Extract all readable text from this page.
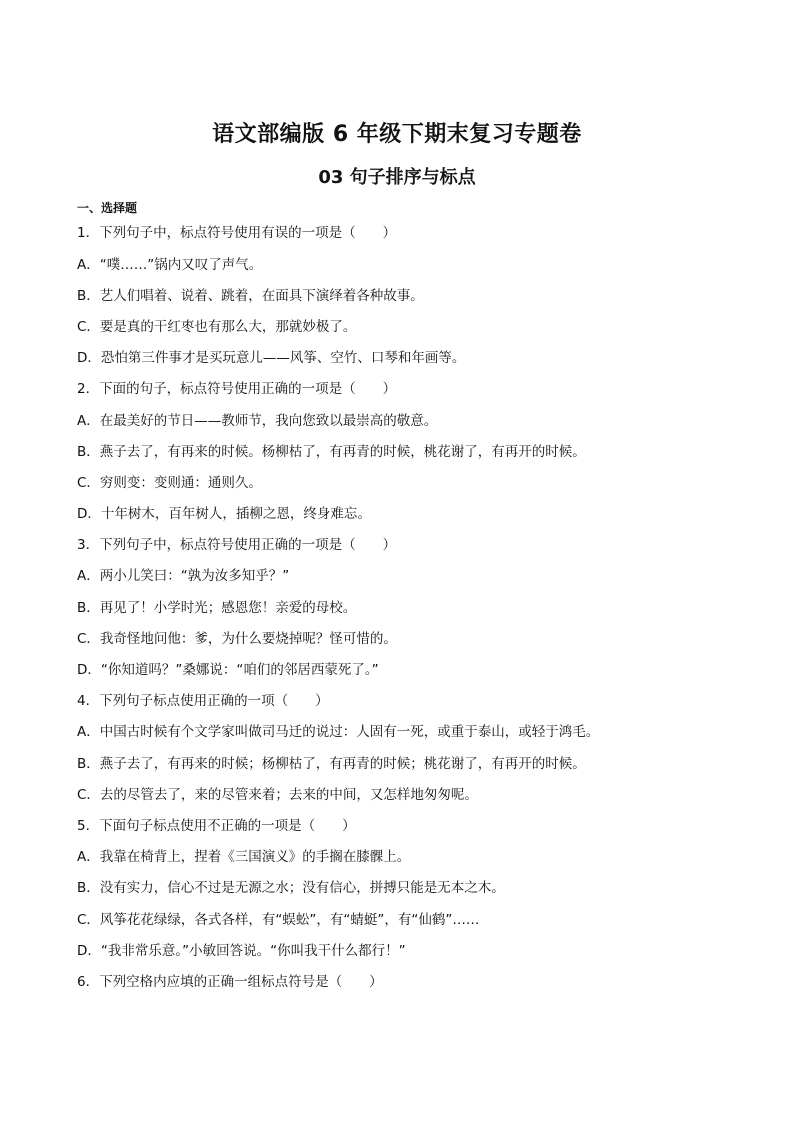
语文部编版 6 年级下期末复习专题卷
03 句子排序与标点
一、选择题
1．下列句子中，标点符号使用有误的一项是（　　）
A．“噗……”锅内又叹了声气。
B．艺人们唱着、说着、跳着，在面具下演绎着各种故事。
C．要是真的干红枣也有那么大，那就妙极了。
D．恐怕第三件事才是买玩意儿——风筝、空竹、口琴和年画等。
2．下面的句子，标点符号使用正确的一项是（　　）
A．在最美好的节日——教师节，我向您致以最崇高的敬意。
B．燕子去了，有再来的时候。杨柳枯了，有再青的时候，桃花谢了，有再开的时候。
C．穷则变：变则通：通则久。
D．十年树木，百年树人，插柳之恩，终身难忘。
3．下列句子中，标点符号使用正确的一项是（　　）
A．两小儿笑曰：“孰为汝多知乎？”
B．再见了！小学时光；感恩您！亲爱的母校。
C．我奇怪地问他：爹，为什么要烧掉呢？怪可惜的。
D．“你知道吗？”桑娜说：“咱们的邻居西蒙死了。”
4．下列句子标点使用正确的一项（　　）
A．中国古时候有个文学家叫做司马迁的说过：人固有一死，或重于泰山，或轻于鸿毛。
B．燕子去了，有再来的时候；杨柳枯了，有再青的时候；桃花谢了，有再开的时候。
C．去的尽管去了，来的尽管来着；去来的中间，又怎样地匆匆呢。
5．下面句子标点使用不正确的一项是（　　）
A．我靠在椅背上，捏着《三国演义》的手搁在膝髁上。
B．没有实力，信心不过是无源之水；没有信心，拼搏只能是无本之木。
C．风筝花花绿绿，各式各样，有“蜈蚣”，有“蜻蜓”，有“仙鹤”……
D．“我非常乐意。”小敏回答说。“你叫我干什么都行！”
6．下列空格内应填的正确一组标点符号是（　　）
